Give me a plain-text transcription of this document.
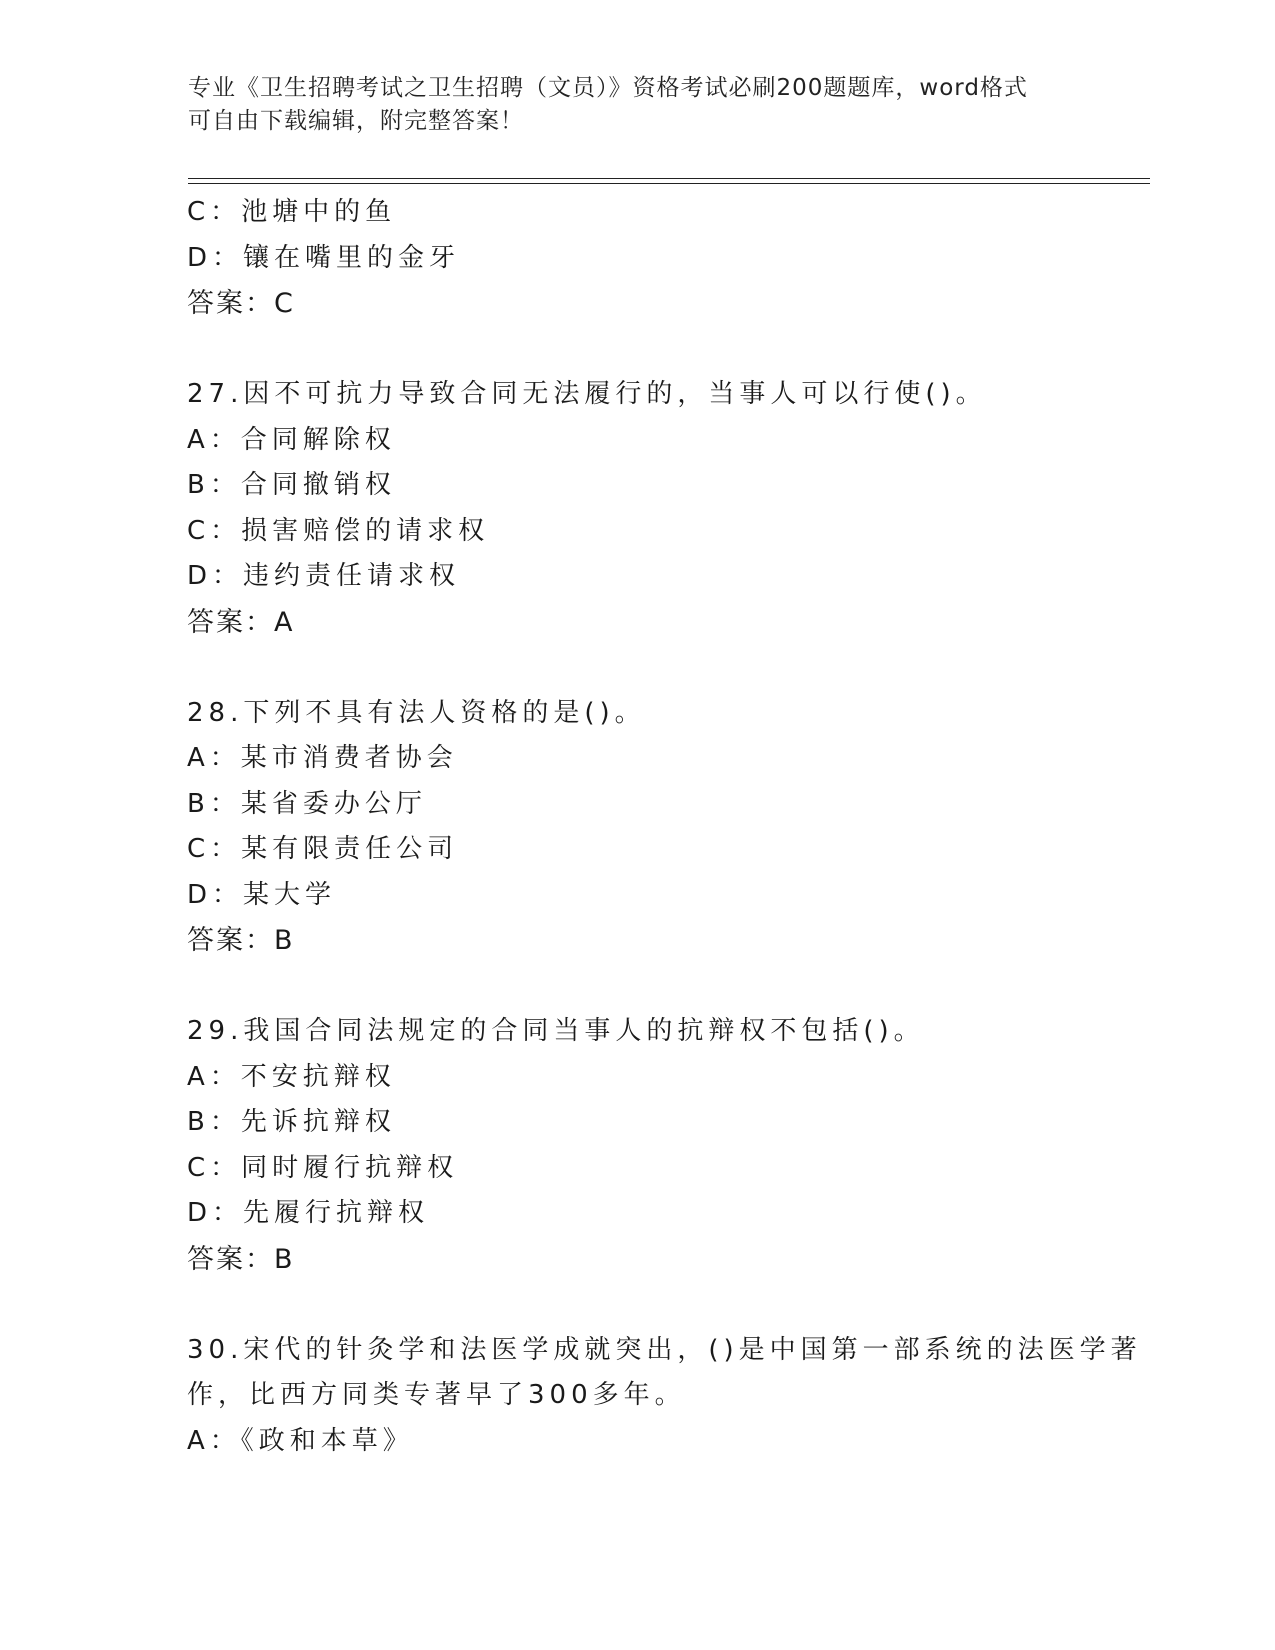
专业《卫生招聘考试之卫生招聘（文员）》资格考试必刷200题题库，word格式
可自由下载编辑，附完整答案！
C：池塘中的鱼
D：镶在嘴里的金牙
答案：C
27.因不可抗力导致合同无法履行的，当事人可以行使()。
A：合同解除权
B：合同撤销权
C：损害赔偿的请求权
D：违约责任请求权
答案：A
28.下列不具有法人资格的是()。
A：某市消费者协会
B：某省委办公厅
C：某有限责任公司
D：某大学
答案：B
29.我国合同法规定的合同当事人的抗辩权不包括()。
A：不安抗辩权
B：先诉抗辩权
C：同时履行抗辩权
D：先履行抗辩权
答案：B
30.宋代的针灸学和法医学成就突出，()是中国第一部系统的法医学著
作，比西方同类专著早了300多年。
A：《政和本草》
